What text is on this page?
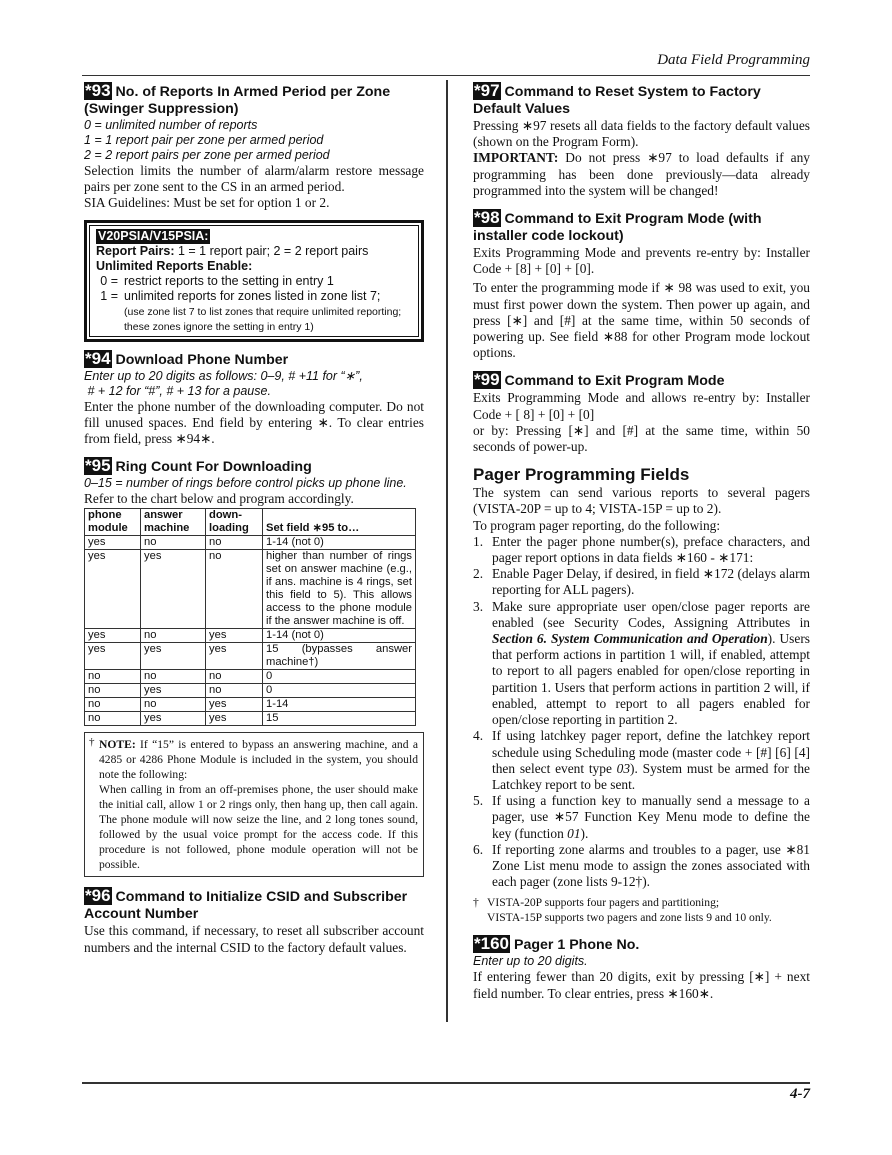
Data Field Programming
*93 No. of Reports In Armed Period per Zone (Swinger Suppression)
0 = unlimited number of reports
1 = 1 report pair per zone per armed period
2 = 2 report pairs per zone per armed period
Selection limits the number of alarm/alarm restore message pairs per zone sent to the CS in an armed period.
SIA Guidelines: Must be set for option 1 or 2.
V20PSIA/V15PSIA:
Report Pairs: 1 = 1 report pair; 2 = 2 report pairs
Unlimited Reports Enable:
0 = restrict reports to the setting in entry 1
1 = unlimited reports for zones listed in zone list 7;
(use zone list 7 to list zones that require unlimited reporting; these zones ignore the setting in entry 1)
*94 Download Phone Number
Enter up to 20 digits as follows: 0–9, # +11 for “∗”,
# + 12 for “#”, # + 13 for a pause.
Enter the phone number of the downloading computer. Do not fill unused spaces. End field by entering ∗. To clear entries from field, press ∗94∗.
*95 Ring Count For Downloading
0–15 = number of rings before control picks up phone line.
Refer to the chart below and program accordingly.
phone module	answer machine	down-loading	Set field ∗95 to…
yes	no	no	1-14 (not 0)
yes	yes	no	higher than number of rings set on answer machine (e.g., if ans. machine is 4 rings, set this field to 5). This allows access to the phone module if the answer machine is off.
yes	no	yes	1-14 (not 0)
yes	yes	yes	15 (bypasses answer machine†)
no	no	no	0
no	yes	no	0
no	no	yes	1-14
no	yes	yes	15
† NOTE: If “15” is entered to bypass an answering machine, and a 4285 or 4286 Phone Module is included in the system, you should note the following:
When calling in from an off-premises phone, the user should make the initial call, allow 1 or 2 rings only, then hang up, then call again. The phone module will now seize the line, and 2 long tones sound, followed by the usual voice prompt for the access code. If this procedure is not followed, phone module operation will not be possible.
*96 Command to Initialize CSID and Subscriber Account Number
Use this command, if necessary, to reset all subscriber account numbers and the internal CSID to the factory default values.
*97 Command to Reset System to Factory Default Values
Pressing ∗97 resets all data fields to the factory default values (shown on the Program Form).
IMPORTANT: Do not press ∗97 to load defaults if any programming has been done previously—data already programmed into the system will be changed!
*98 Command to Exit Program Mode (with installer code lockout)
Exits Programming Mode and prevents re-entry by: Installer Code + [8] + [0] + [0].
To enter the programming mode if ∗ 98 was used to exit, you must first power down the system. Then power up again, and press [∗] and [#] at the same time, within 50 seconds of powering up. See field ∗88 for other Program mode lockout options.
*99 Command to Exit Program Mode
Exits Programming Mode and allows re-entry by: Installer Code + [ 8] + [0] + [0]
or by: Pressing [∗] and [#] at the same time, within 50 seconds of power-up.
Pager Programming Fields
The system can send various reports to several pagers (VISTA-20P = up to 4; VISTA-15P = up to 2).
To program pager reporting, do the following:
1. Enter the pager phone number(s), preface characters, and pager report options in data fields ∗160 - ∗171:
2. Enable Pager Delay, if desired, in field ∗172 (delays alarm reporting for ALL pagers).
3. Make sure appropriate user open/close pager reports are enabled (see Security Codes, Assigning Attributes in Section 6. System Communication and Operation). Users that perform actions in partition 1 will, if enabled, attempt to report to all pagers enabled for open/close reporting in partition 1. Users that perform actions in partition 2 will, if enabled, attempt to report to all pagers enabled for open/close reporting in partition 2.
4. If using latchkey pager report, define the latchkey report schedule using Scheduling mode (master code + [#] [6] [4] then select event type 03). System must be armed for the Latchkey report to be sent.
5. If using a function key to manually send a message to a pager, use ∗57 Function Key Menu mode to define the key (function 01).
6. If reporting zone alarms and troubles to a pager, use ∗81 Zone List menu mode to assign the zones associated with each pager (zone lists 9-12†).
† VISTA-20P supports four pagers and partitioning;
VISTA-15P supports two pagers and zone lists 9 and 10 only.
*160 Pager 1 Phone No.
Enter up to 20 digits.
If entering fewer than 20 digits, exit by pressing [∗] + next field number. To clear entries, press ∗160∗.
4-7
